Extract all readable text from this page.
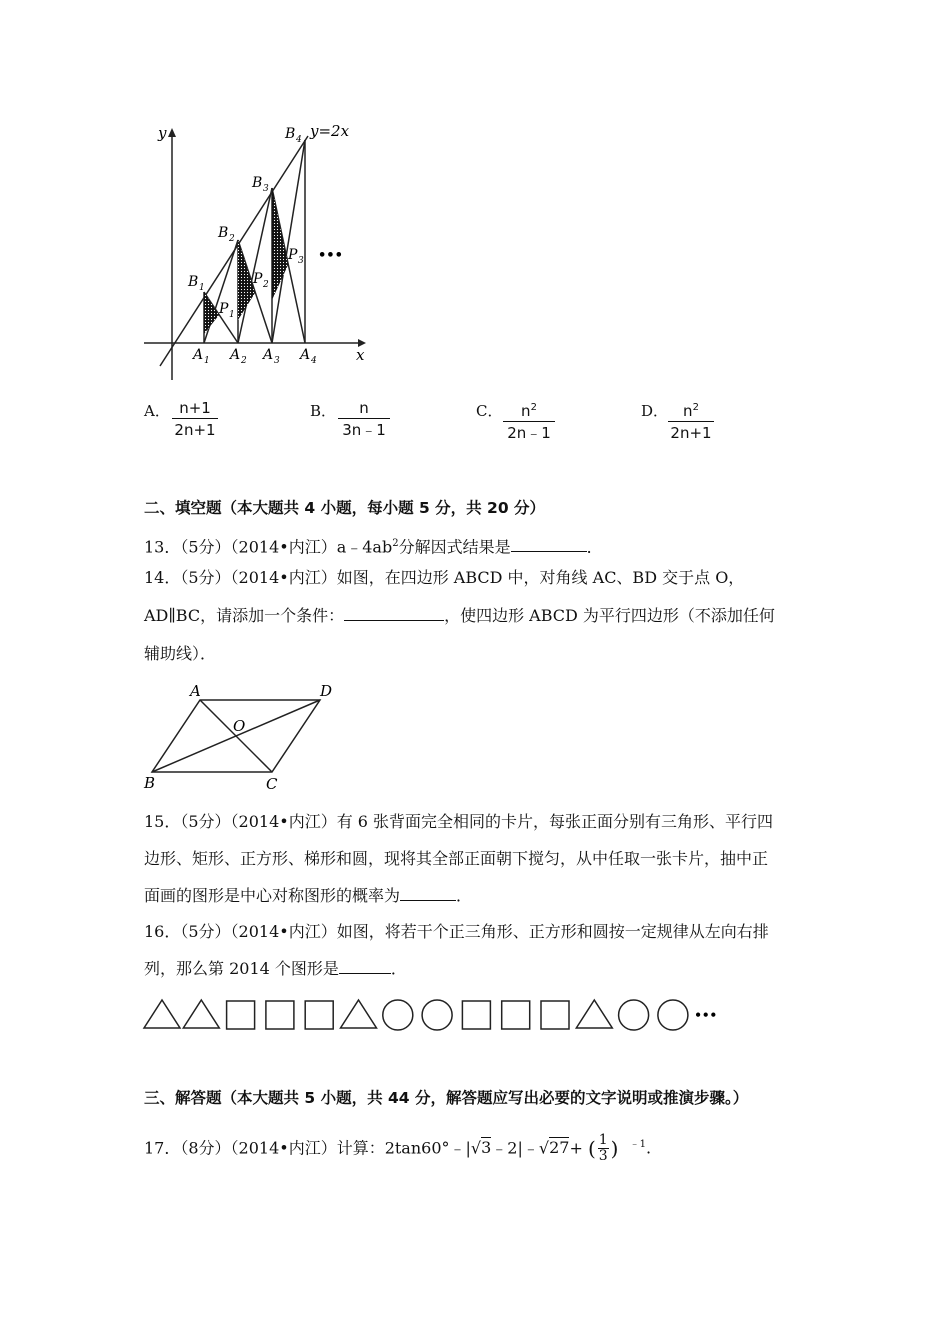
y
x
y=2x
B 1
B 2
B 3
B 4
P 1
P 2
P 3
A 1 A 2 A 3 A 4
•••
A． $\frac{n+1}{2n+1}$	B． $\frac{n}{3n﹣1}$	C． $\frac{n^2}{2n﹣1}$	D． $\frac{n^2}{2n+1}$
二、填空题（本大题共 4 小题，每小题 5 分，共 20 分）
13．（5分）（2014•内江）$a﹣4ab^2$分解因式结果是	．
14．（5分）（2014•内江）如图，在四边形 ABCD 中，对角线 AC、BD 交于点 O，
AD∥BC，请添加一个条件：	，使四边形 ABCD 为平行四边形（不添加任何
辅助线）．
A	D
B	C
O
15．（5分）（2014•内江）有 6 张背面完全相同的卡片，每张正面分别有三角形、平行四
边形、矩形、正方形、梯形和圆，现将其全部正面朝下搅匀，从中任取一张卡片，抽中正
面画的图形是中心对称图形的概率为	．
16．（5分）（2014•内江）如图，将若干个正三角形、正方形和圆按一定规律从左向右排
列，那么第 2014 个图形是	．
•••
三、解答题（本大题共 5 小题，共 44 分，解答题应写出必要的文字说明或推演步骤。）
17．（8分）（2014•内江）计算：2tan60°﹣|√3﹣2|﹣√27+ ( $\frac{1}{3}$ ) $^{﹣1}$.
